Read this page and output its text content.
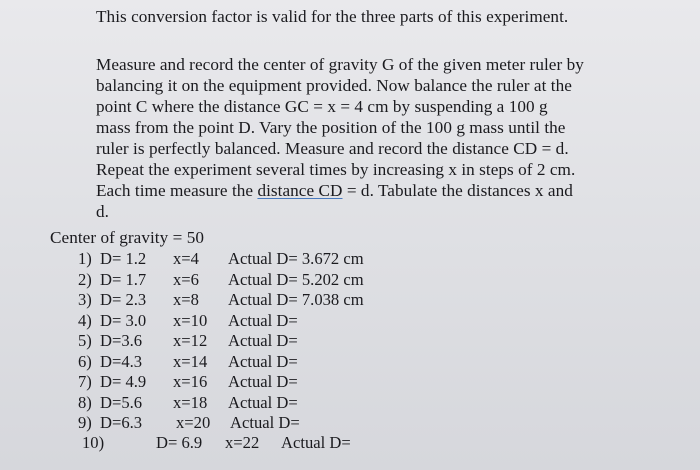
This conversion factor is valid for the three parts of this experiment.
Measure and record the center of gravity G of the given meter ruler by
balancing it on the equipment provided. Now balance the ruler at the
point C where the distance GC = x = 4 cm by suspending a 100 g
mass from the point D. Vary the position of the 100 g mass until the
ruler is perfectly balanced. Measure and record the distance CD = d.
Repeat the experiment several times by increasing x in steps of 2 cm.
Each time measure the distance CD = d. Tabulate the distances x and
d.
Center of gravity = 50
1) D= 1.2 x=4 Actual D= 3.672 cm
2) D= 1.7 x=6 Actual D= 5.202 cm
3) D= 2.3 x=8 Actual D= 7.038 cm
4) D= 3.0 x=10 Actual D=
5) D=3.6 x=12 Actual D=
6) D=4.3 x=14 Actual D=
7) D= 4.9 x=16 Actual D=
8) D=5.6 x=18 Actual D=
9) D=6.3 x=20 Actual D=
10)	D= 6.9 x=22 Actual D=
